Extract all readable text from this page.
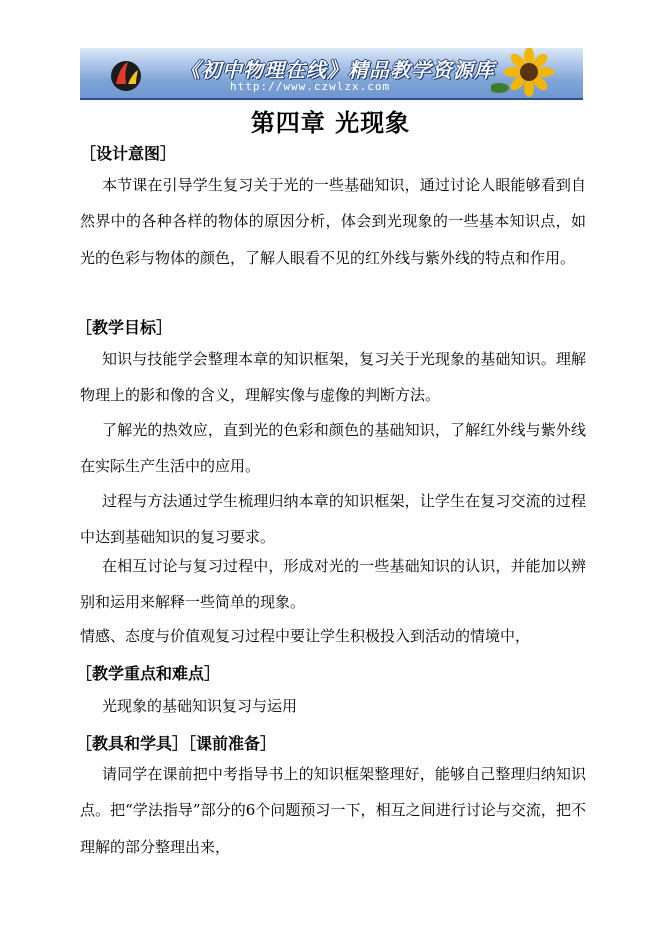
《初中物理在线》精品教学资源库
http://www.czwlzx.com
第四章 光现象
［设计意图］
本节课在引导学生复习关于光的一些基础知识，通过讨论人眼能够看到自然界中的各种各样的物体的原因分析，体会到光现象的一些基本知识点，如光的色彩与物体的颜色，了解人眼看不见的红外线与紫外线的特点和作用。
［教学目标］
知识与技能学会整理本章的知识框架，复习关于光现象的基础知识。理解物理上的影和像的含义，理解实像与虚像的判断方法。
了解光的热效应，直到光的色彩和颜色的基础知识，了解红外线与紫外线在实际生产生活中的应用。
过程与方法通过学生梳理归纳本章的知识框架，让学生在复习交流的过程中达到基础知识的复习要求。
在相互讨论与复习过程中，形成对光的一些基础知识的认识，并能加以辨别和运用来解释一些简单的现象。
情感、态度与价值观复习过程中要让学生积极投入到活动的情境中，
［教学重点和难点］
光现象的基础知识复习与运用
［教具和学具］［课前准备］
请同学在课前把中考指导书上的知识框架整理好，能够自己整理归纳知识点。把“学法指导”部分的6个问题预习一下，相互之间进行讨论与交流，把不理解的部分整理出来，
